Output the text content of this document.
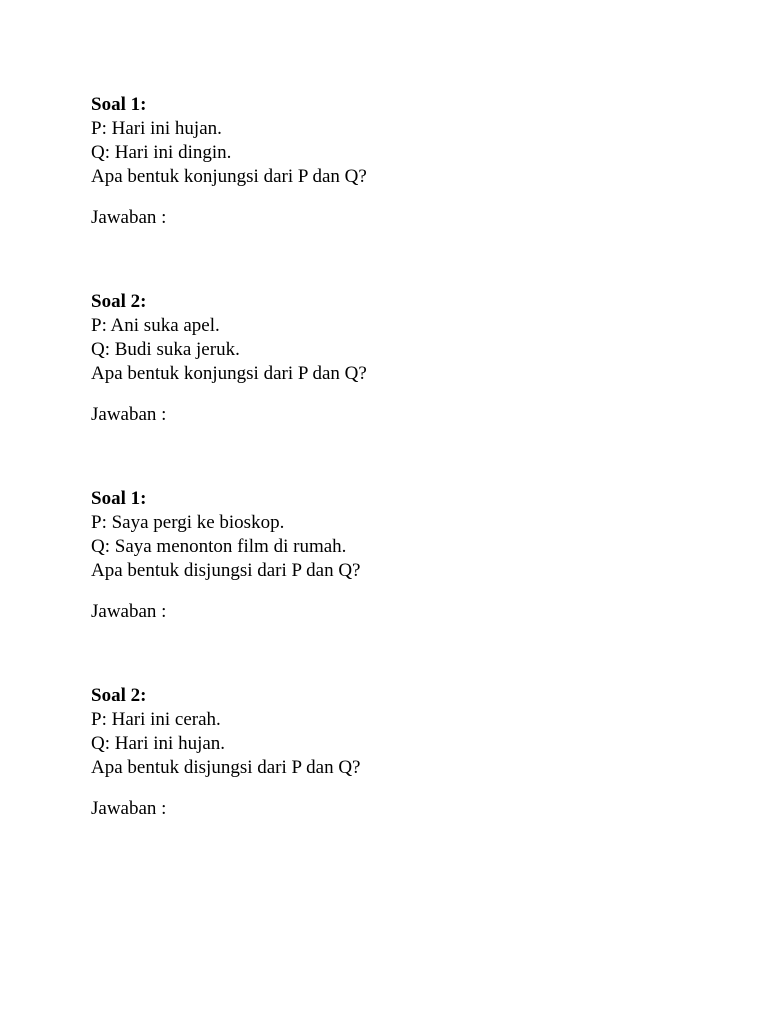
Soal 1:
P: Hari ini hujan.
Q: Hari ini dingin.
Apa bentuk konjungsi dari P dan Q?
Jawaban :
Soal 2:
P: Ani suka apel.
Q: Budi suka jeruk.
Apa bentuk konjungsi dari P dan Q?
Jawaban :
Soal 1:
P: Saya pergi ke bioskop.
Q: Saya menonton film di rumah.
Apa bentuk disjungsi dari P dan Q?
Jawaban :
Soal 2:
P: Hari ini cerah.
Q: Hari ini hujan.
Apa bentuk disjungsi dari P dan Q?
Jawaban :
